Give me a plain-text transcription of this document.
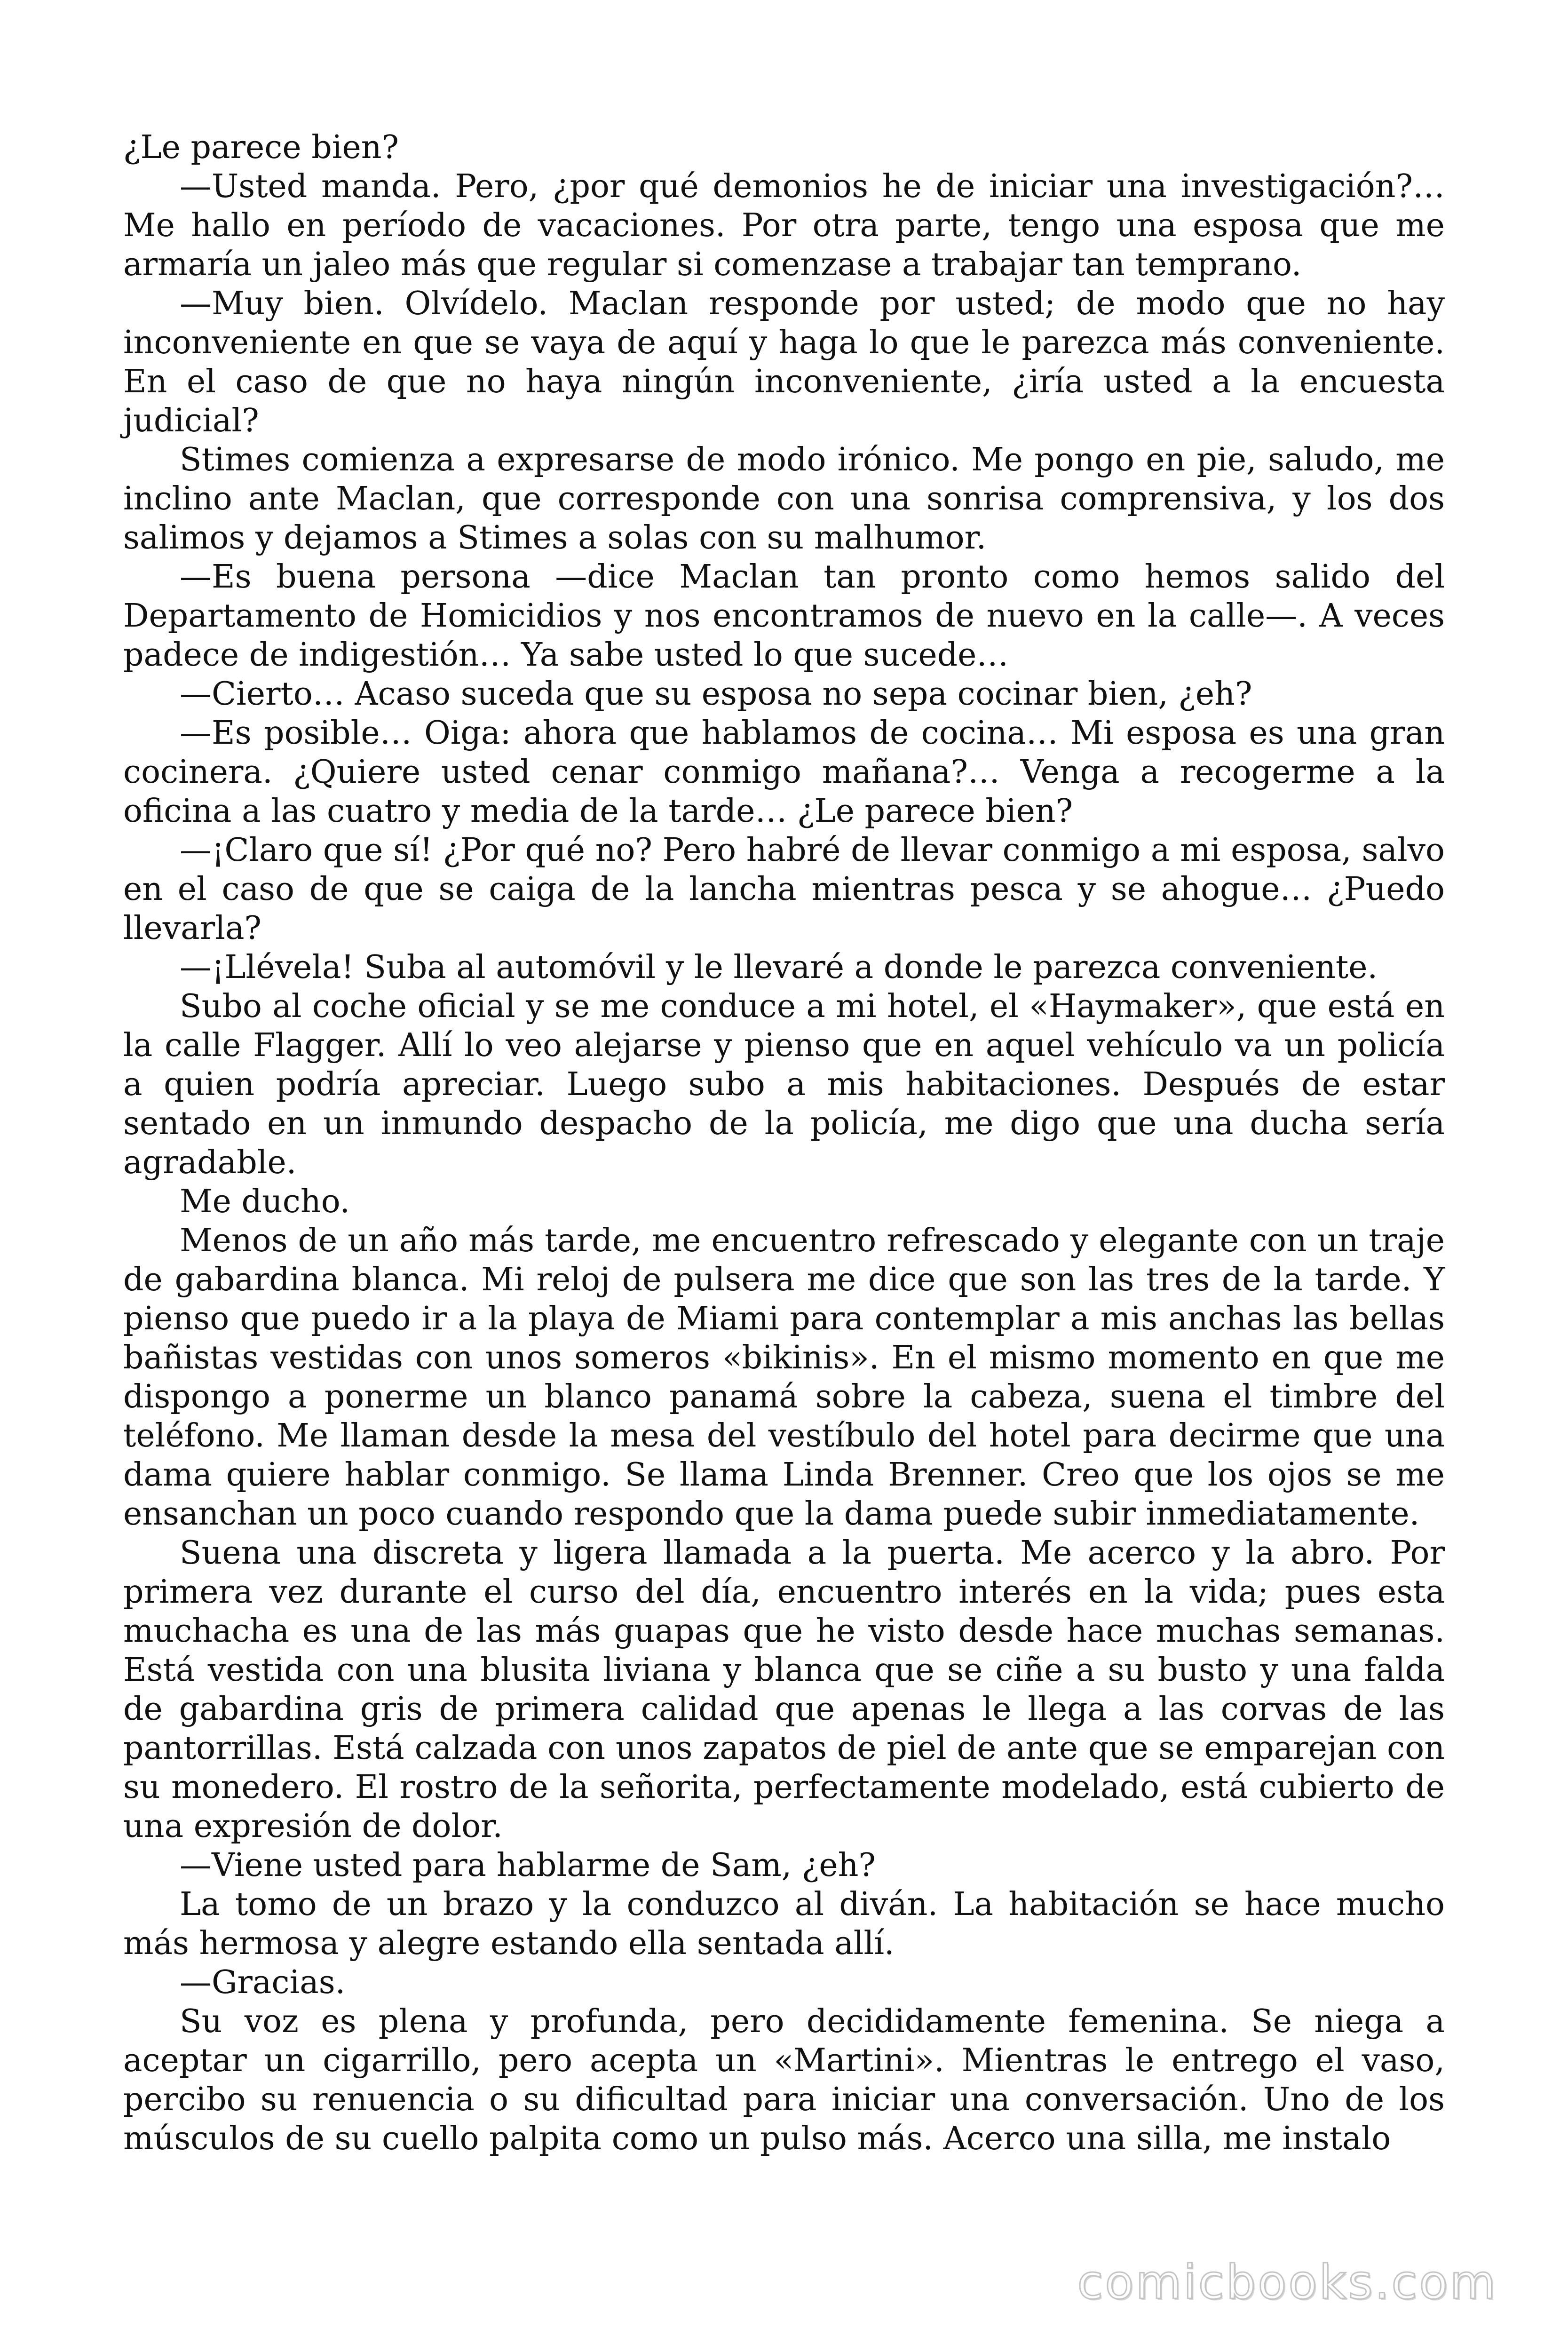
¿Le parece bien?

—Usted manda. Pero, ¿por qué demonios he de iniciar una investigación?… Me hallo en período de vacaciones. Por otra parte, tengo una esposa que me armaría un jaleo más que regular si comenzase a trabajar tan temprano.

—Muy bien. Olvídelo. Maclan responde por usted; de modo que no hay inconveniente en que se vaya de aquí y haga lo que le parezca más conveniente. En el caso de que no haya ningún inconveniente, ¿iría usted a la encuesta judicial?

Stimes comienza a expresarse de modo irónico. Me pongo en pie, saludo, me inclino ante Maclan, que corresponde con una sonrisa comprensiva, y los dos salimos y dejamos a Stimes a solas con su malhumor.

—Es buena persona —dice Maclan tan pronto como hemos salido del Departamento de Homicidios y nos encontramos de nuevo en la calle—. A veces padece de indigestión… Ya sabe usted lo que sucede…

—Cierto… Acaso suceda que su esposa no sepa cocinar bien, ¿eh?

—Es posible… Oiga: ahora que hablamos de cocina… Mi esposa es una gran cocinera. ¿Quiere usted cenar conmigo mañana?… Venga a recogerme a la oficina a las cuatro y media de la tarde… ¿Le parece bien?

—¡Claro que sí! ¿Por qué no? Pero habré de llevar conmigo a mi esposa, salvo en el caso de que se caiga de la lancha mientras pesca y se ahogue… ¿Puedo llevarla?

—¡Llévela! Suba al automóvil y le llevaré a donde le parezca conveniente.

Subo al coche oficial y se me conduce a mi hotel, el «Haymaker», que está en la calle Flagger. Allí lo veo alejarse y pienso que en aquel vehículo va un policía a quien podría apreciar. Luego subo a mis habitaciones. Después de estar sentado en un inmundo despacho de la policía, me digo que una ducha sería agradable.

Me ducho.

Menos de un año más tarde, me encuentro refrescado y elegante con un traje de gabardina blanca. Mi reloj de pulsera me dice que son las tres de la tarde. Y pienso que puedo ir a la playa de Miami para contemplar a mis anchas las bellas bañistas vestidas con unos someros «bikinis». En el mismo momento en que me dispongo a ponerme un blanco panamá sobre la cabeza, suena el timbre del teléfono. Me llaman desde la mesa del vestíbulo del hotel para decirme que una dama quiere hablar conmigo. Se llama Linda Brenner. Creo que los ojos se me ensanchan un poco cuando respondo que la dama puede subir inmediatamente.

Suena una discreta y ligera llamada a la puerta. Me acerco y la abro. Por primera vez durante el curso del día, encuentro interés en la vida; pues esta muchacha es una de las más guapas que he visto desde hace muchas semanas. Está vestida con una blusita liviana y blanca que se ciñe a su busto y una falda de gabardina gris de primera calidad que apenas le llega a las corvas de las pantorrillas. Está calzada con unos zapatos de piel de ante que se emparejan con su monedero. El rostro de la señorita, perfectamente modelado, está cubierto de una expresión de dolor.

—Viene usted para hablarme de Sam, ¿eh?

La tomo de un brazo y la conduzco al diván. La habitación se hace mucho más hermosa y alegre estando ella sentada allí.

—Gracias.

Su voz es plena y profunda, pero decididamente femenina. Se niega a aceptar un cigarrillo, pero acepta un «Martini». Mientras le entrego el vaso, percibo su renuencia o su dificultad para iniciar una conversación. Uno de los músculos de su cuello palpita como un pulso más. Acerco una silla, me instalo

comicbooks.com
